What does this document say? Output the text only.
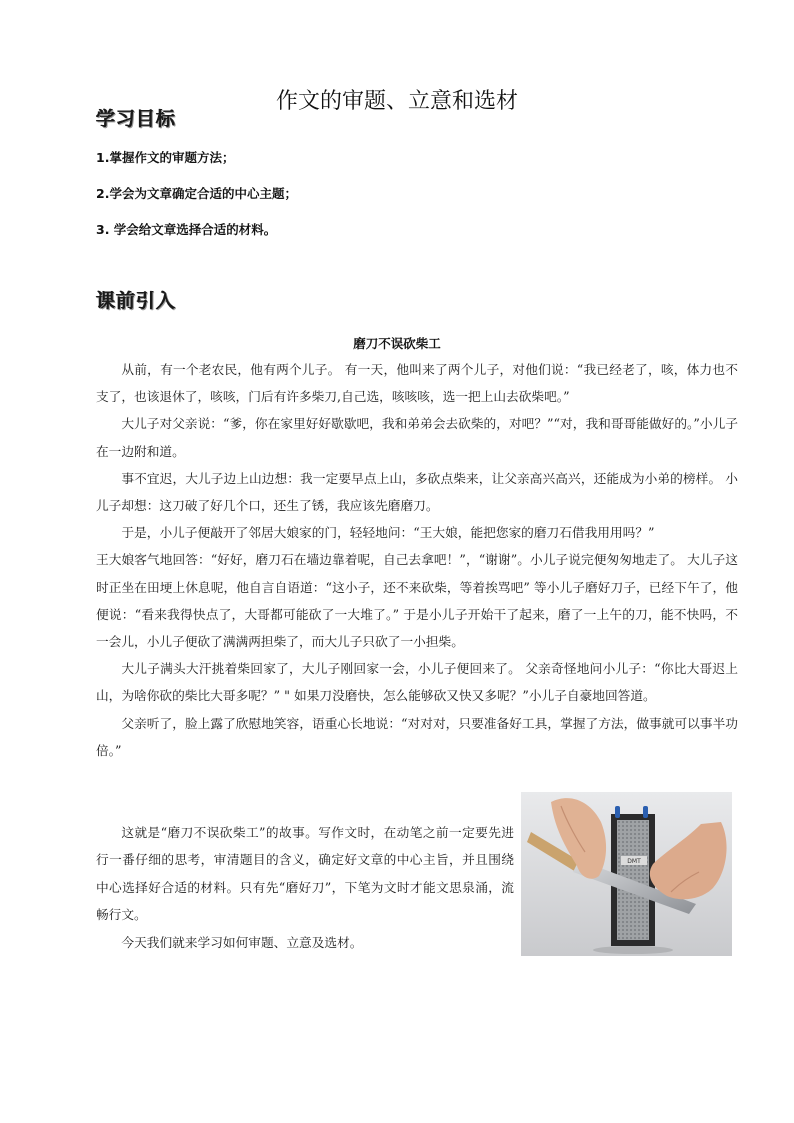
作文的审题、立意和选材
学习目标
1.掌握作文的审题方法；
2.学会为文章确定合适的中心主题；
3. 学会给文章选择合适的材料。
课前引入
磨刀不误砍柴工

从前，有一个老农民，他有两个儿子。 有一天，他叫来了两个儿子，对他们说：“我已经老了，咳，体力也不支了，也该退休了，咳咳，门后有许多柴刀,自己选，咳咳咳，选一把上山去砍柴吧。”

大儿子对父亲说：“爹，你在家里好好歇歇吧，我和弟弟会去砍柴的，对吧？”“对，我和哥哥能做好的。”小儿子在一边附和道。

事不宜迟，大儿子边上山边想：我一定要早点上山，多砍点柴来，让父亲高兴高兴，还能成为小弟的榜样。 小儿子却想：这刀破了好几个口，还生了锈，我应该先磨磨刀。

于是，小儿子便敲开了邻居大娘家的门，轻轻地问：“王大娘，能把您家的磨刀石借我用用吗？”

王大娘客气地回答：“好好，磨刀石在墙边靠着呢，自己去拿吧！”，“谢谢”。小儿子说完便匆匆地走了。 大儿子这时正坐在田埂上休息呢，他自言自语道：“这小子，还不来砍柴，等着挨骂吧” 等小儿子磨好刀子，已经下午了，他便说：“看来我得快点了，大哥都可能砍了一大堆了。” 于是小儿子开始干了起来，磨了一上午的刀，能不快吗，不一会儿，小儿子便砍了满满两担柴了，而大儿子只砍了一小担柴。

大儿子满头大汗挑着柴回家了，大儿子刚回家一会，小儿子便回来了。 父亲奇怪地问小儿子：“你比大哥迟上山，为啥你砍的柴比大哥多呢？” " 如果刀没磨快，怎么能够砍又快又多呢？”小儿子自豪地回答道。

父亲听了，脸上露了欣慰地笑容，语重心长地说：“对对对，只要准备好工具，掌握了方法，做事就可以事半功倍。”

这就是“磨刀不误砍柴工”的故事。写作文时，在动笔之前一定要先进行一番仔细的思考，审清题目的含义，确定好文章的中心主旨，并且围绕中心选择好合适的材料。只有先“磨好刀”，下笔为文时才能文思泉涌，流畅行文。

今天我们就来学习如何审题、立意及选材。

DMT
